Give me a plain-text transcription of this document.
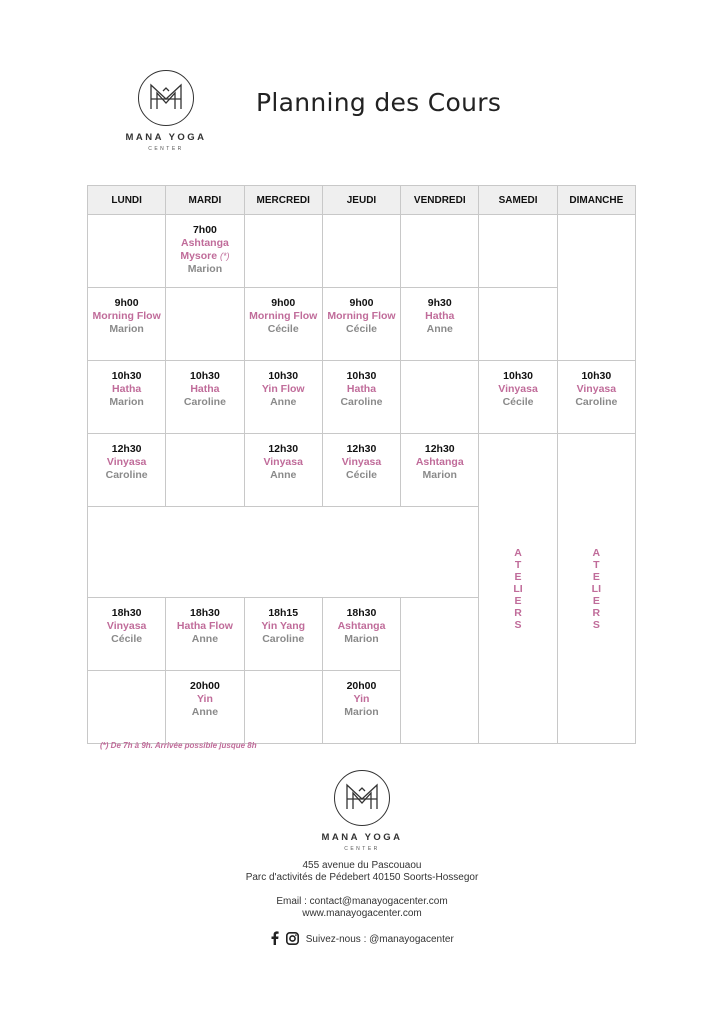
MANA YOGA
CENTER
Planning des Cours
LUNDI	MARDI	MERCREDI	JEUDI	VENDREDI	SAMEDI	DIMANCHE

	7h00
Ashtanga Mysore (*)
Marion					

9h00
Morning Flow
Marion		9h00
Morning Flow
Cécile	9h00
Morning Flow
Cécile	9h30
Hatha
Anne		

10h30
Hatha
Marion	10h30
Hatha
Caroline	10h30
Yin Flow
Anne	10h30
Hatha
Caroline		10h30
Vinyasa
Cécile	10h30
Vinyasa
Caroline

12h30
Vinyasa
Caroline		12h30
Vinyasa
Anne	12h30
Vinyasa
Cécile	12h30
Ashtanga
Marion	ATELIERS	ATELIERS

18h30
Vinyasa
Cécile	18h30
Hatha Flow
Anne	18h15
Yin Yang
Caroline	18h30
Ashtanga
Marion			

	20h00
Yin
Anne		20h00
Yin
Marion			
(*) De 7h à 9h. Arrivée possible jusque 8h
MANA YOGA
CENTER
455 avenue du Pascouaou
Parc d'activités de Pédebert 40150 Soorts-Hossegor
Email : contact@manayogacenter.com
www.manayogacenter.com
Suivez-nous : @manayogacenter
